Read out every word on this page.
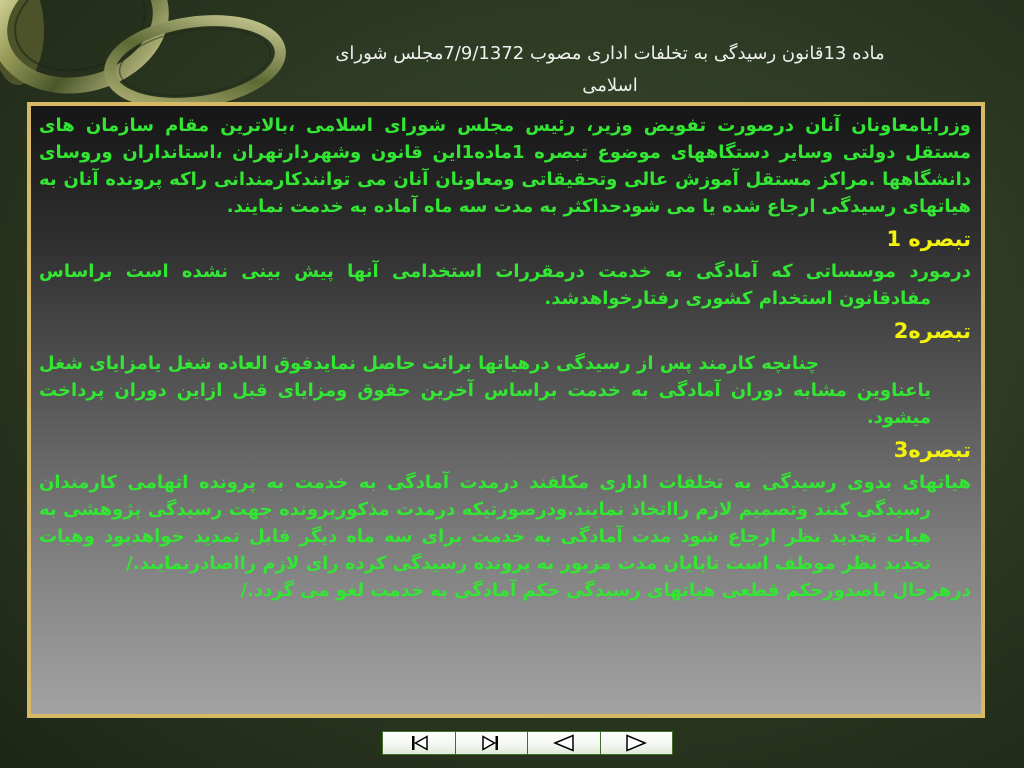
ماده 13قانون رسیدگی به تخلفات اداری مصوب 7/9/1372مجلس شورای
اسلامی

وزرایامعاونان آنان درصورت تفویض وزیر، رئیس مجلس شورای اسلامی ،بالاترین مقام سازمان های مستقل دولتی وسایر دستگاههای موضوع تبصره 1ماده1این قانون وشهردارتهران ،استانداران وروسای دانشگاهها .مراکز مستقل آموزش عالی وتحقیقاتی ومعاونان آنان می توانندکارمندانی راکه پرونده آنان به هیاتهای رسیدگی ارجاع شده یا می شودحداکثر به مدت سه ماه آماده به خدمت نمایند.

تبصره 1

درمورد موسساتی که آمادگی به خدمت درمقررات استخدامی آنها پیش بینی نشده است براساس مفادقانون استخدام کشوری رفتارخواهدشد.

تبصره2

چنانچه کارمند پس از رسیدگی درهیاتها برائت حاصل نمایدفوق العاده شغل یامزایای شغل یاعناوین مشابه دوران آمادگی به خدمت براساس آخرین حقوق ومزایای قبل ازاین دوران پرداخت میشود.

تبصره3

هیاتهای بدوی رسیدگی به تخلفات اداری مکلفند درمدت آمادگی به خدمت به پرونده اتهامی کارمندان رسیدگی کنند وتصمیم لازم رااتخاذ نمایند.ودرصورتیکه درمدت مذکورپرونده جهت رسیدگی پژوهشی به هیات تجدید نظر ارجاع شود مدت آمادگی به خدمت برای سه ماه دیگر قابل تمدید خواهدبود وهیات تجدید نظر موظف است تاپایان مدت مزبور به پرونده رسیدگی کرده رای لازم رااصادرنمایند./

درهرحال باصدورحکم قطعی هیاتهای رسیدگی حکم آمادگی به خدمت لغو می گردد./
